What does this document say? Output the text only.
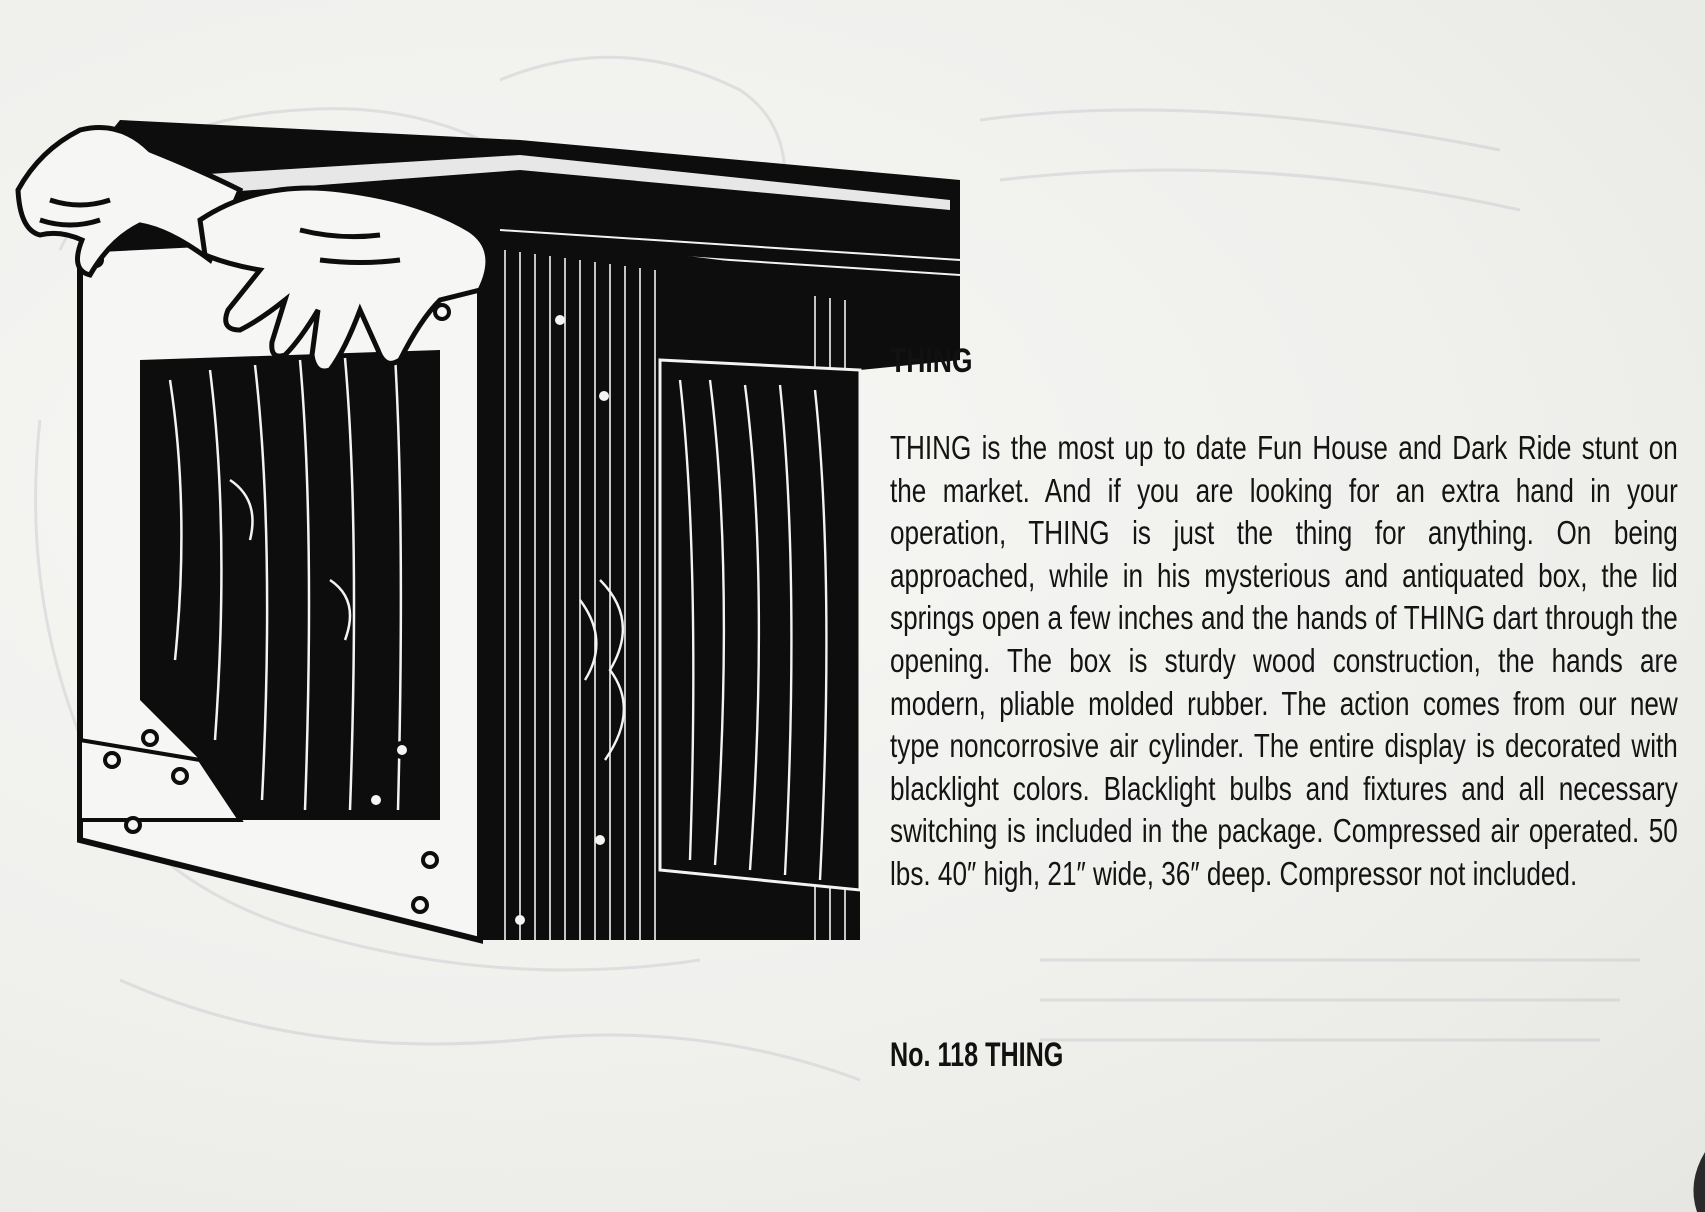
THING
THING is the most up to date Fun House and Dark Ride stunt on the market. And if you are looking for an extra hand in your operation, THING is just the thing for anything. On being approached, while in his mysterious and antiquated box, the lid springs open a few inches and the hands of THING dart through the opening. The box is sturdy wood construction, the hands are modern, pliable molded rubber. The action comes from our new type noncorrosive air cylinder. The entire display is decorated with blacklight colors. Blacklight bulbs and fixtures and all necessary switching is included in the package. Compressed air operated. 50 lbs. 40″ high, 21″ wide, 36″ deep. Compressor not included.
No. 118 THING
